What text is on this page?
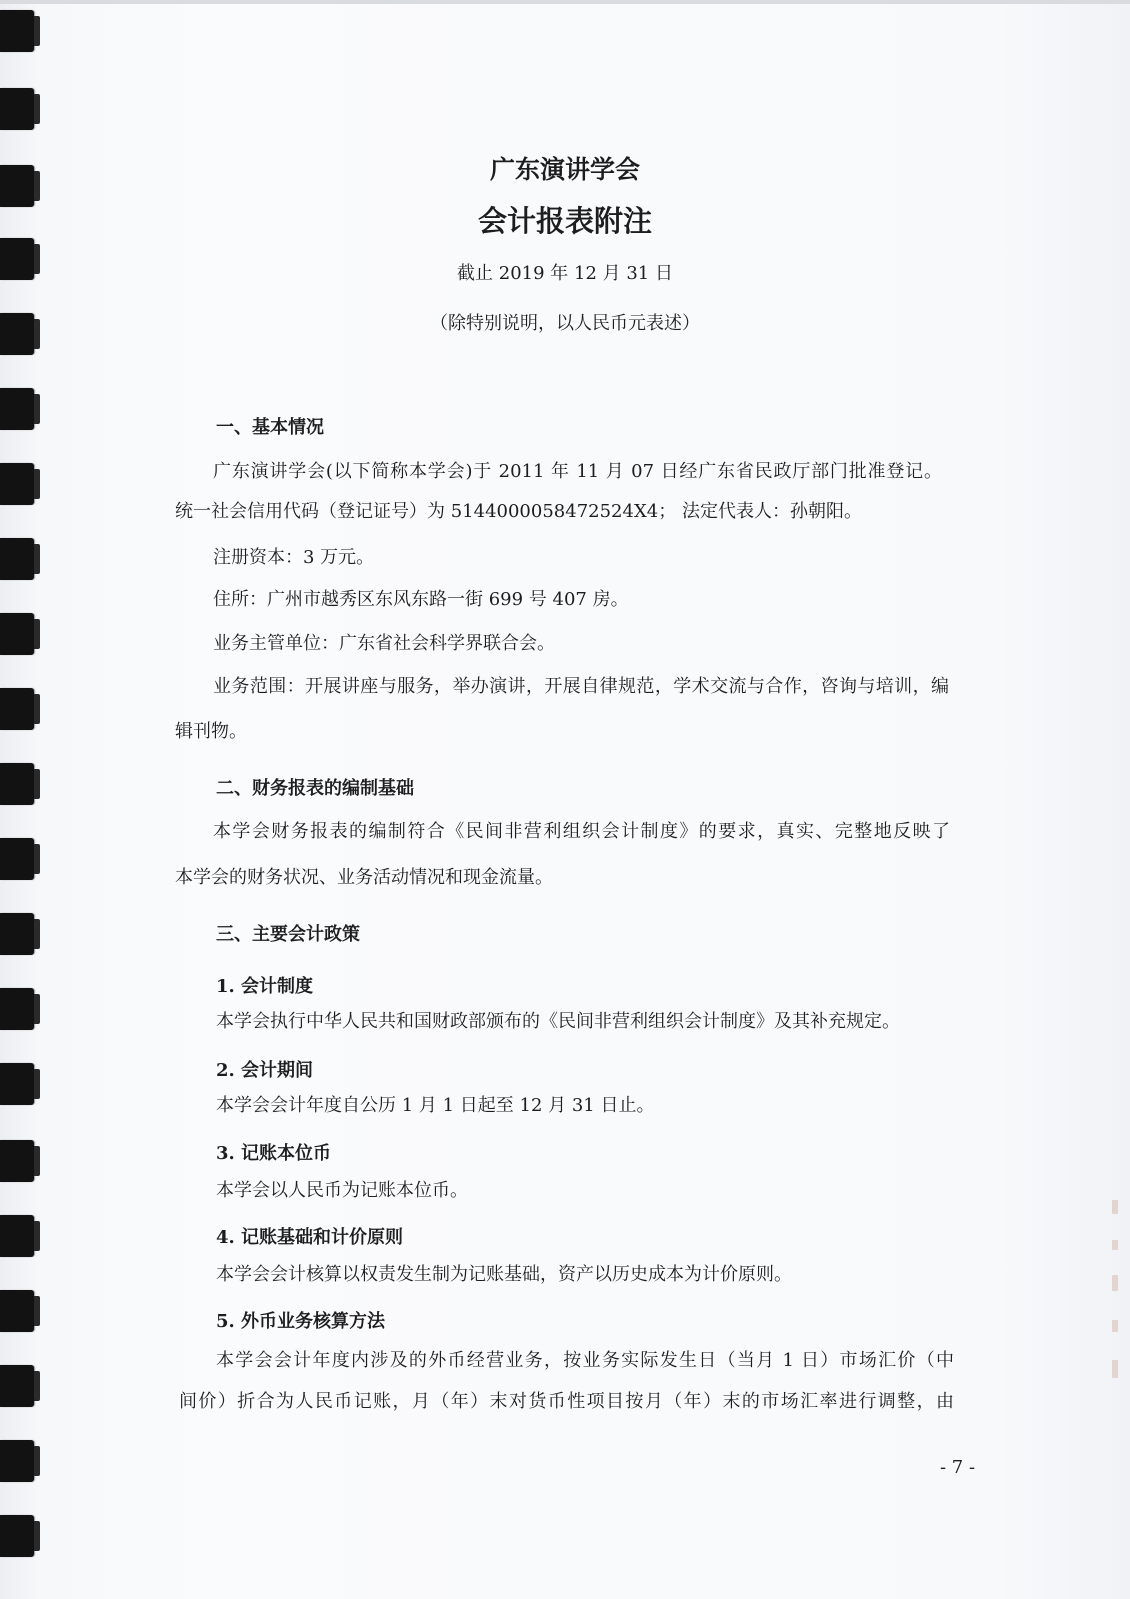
广东演讲学会
会计报表附注
截止 2019 年 12 月 31 日
（除特别说明，以人民币元表述）
一、基本情况
广东演讲学会(以下简称本学会)于 2011 年 11 月 07 日经广东省民政厅部门批准登记。
统一社会信用代码（登记证号）为 5144000058472524X4； 法定代表人：孙朝阳。
注册资本：3 万元。
住所：广州市越秀区东风东路一街 699 号 407 房。
业务主管单位：广东省社会科学界联合会。
业务范围：开展讲座与服务，举办演讲，开展自律规范，学术交流与合作，咨询与培训，编
辑刊物。
二、财务报表的编制基础
本学会财务报表的编制符合《民间非营利组织会计制度》的要求，真实、完整地反映了
本学会的财务状况、业务活动情况和现金流量。
三、主要会计政策
1. 会计制度
本学会执行中华人民共和国财政部颁布的《民间非营利组织会计制度》及其补充规定。
2. 会计期间
本学会会计年度自公历 1 月 1 日起至 12 月 31 日止。
3. 记账本位币
本学会以人民币为记账本位币。
4. 记账基础和计价原则
本学会会计核算以权责发生制为记账基础，资产以历史成本为计价原则。
5. 外币业务核算方法
本学会会计年度内涉及的外币经营业务，按业务实际发生日（当月 1 日）市场汇价（中
间价）折合为人民币记账，月（年）末对货币性项目按月（年）末的市场汇率进行调整，由
- 7 -
